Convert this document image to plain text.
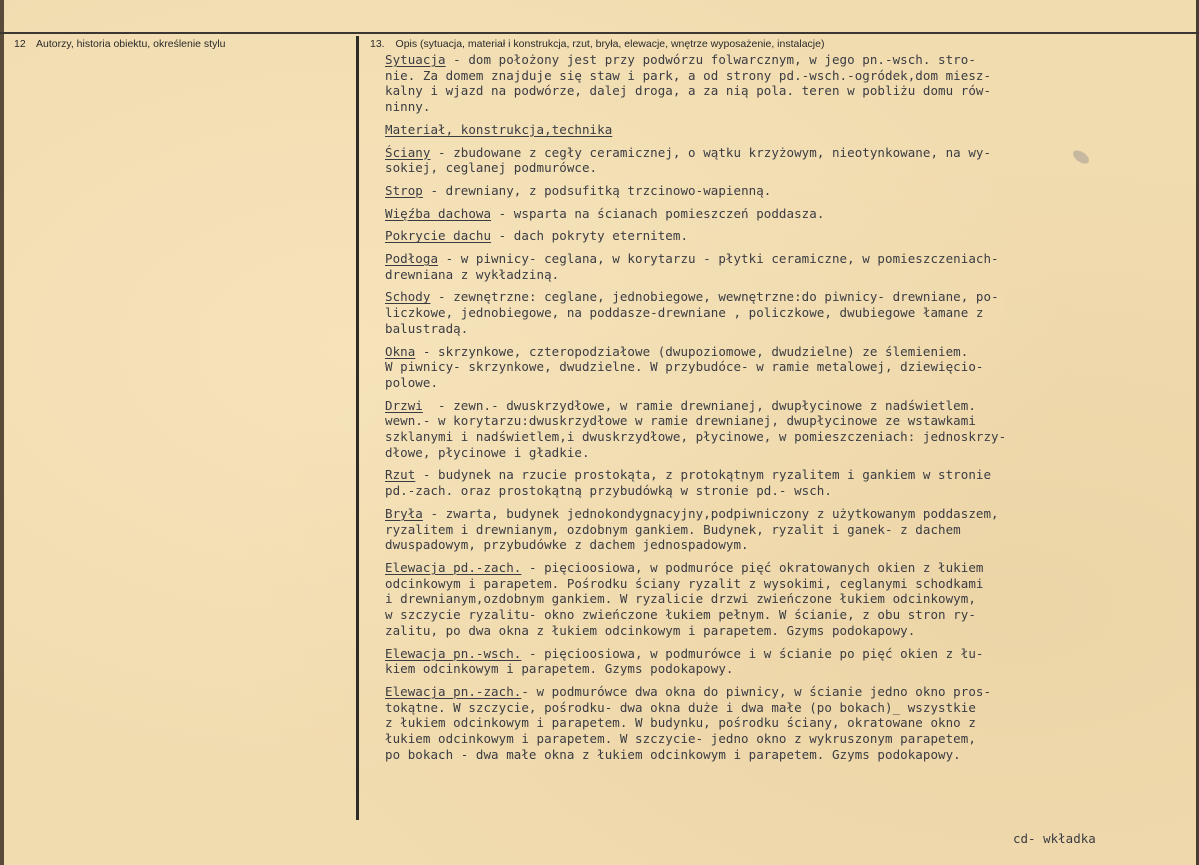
12 Autorzy, historia obiektu, określenie stylu	13. Opis (sytuacja, materiał i konstrukcja, rzut, bryła, elewacje, wnętrze wyposażenie, instalacje)
Sytuacja - dom położony jest przy podwórzu folwarcznym, w jego pn.-wsch. stro-
nie. Za domem znajduje się staw i park, a od strony pd.-wsch.-ogródek,dom miesz-
kalny i wjazd na podwórze, dalej droga, a za nią pola. teren w pobliżu domu rów-
ninny.
Materiał, konstrukcja,technika
Ściany - zbudowane z cegły ceramicznej, o wątku krzyżowym, nieotynkowane, na wy-
sokiej, ceglanej podmurówce.
Strop - drewniany, z podsufitką trzcinowo-wapienną.
Więźba dachowa - wsparta na ścianach pomieszczeń poddasza.
Pokrycie dachu - dach pokryty eternitem.
Podłoga - w piwnicy- ceglana, w korytarzu - płytki ceramiczne, w pomieszczeniach-
drewniana z wykładziną.
Schody - zewnętrzne: ceglane, jednobiegowe, wewnętrzne:do piwnicy- drewniane, po-
liczkowe, jednobiegowe, na poddasze-drewniane , policzkowe, dwubiegowe łamane z
balustradą.
Okna - skrzynkowe, czteropodziałowe (dwupoziomowe, dwudzielne) ze ślemieniem.
W piwnicy- skrzynkowe, dwudzielne. W przybudóce- w ramie metalowej, dziewięcio-
polowe.
Drzwi  - zewn.- dwuskrzydłowe, w ramie drewnianej, dwupłycinowe z nadświetlem.
wewn.- w korytarzu:dwuskrzydłowe w ramie drewnianej, dwupłycinowe ze wstawkami
szklanymi i nadświetlem,i dwuskrzydłowe, płycinowe, w pomieszczeniach: jednoskrzy-
dłowe, płycinowe i gładkie.
Rzut - budynek na rzucie prostokąta, z protokątnym ryzalitem i gankiem w stronie
pd.-zach. oraz prostokątną przybudówką w stronie pd.- wsch.
Bryła - zwarta, budynek jednokondygnacyjny,podpiwniczony z użytkowanym poddaszem,
ryzalitem i drewnianym, ozdobnym gankiem. Budynek, ryzalit i ganek- z dachem
dwuspadowym, przybudówke z dachem jednospadowym.
Elewacja pd.-zach. - pięcioosiowa, w podmuróce pięć okratowanych okien z łukiem
odcinkowym i parapetem. Pośrodku ściany ryzalit z wysokimi, ceglanymi schodkami
i drewnianym,ozdobnym gankiem. W ryzalicie drzwi zwieńczone łukiem odcinkowym,
w szczycie ryzalitu- okno zwieńczone łukiem pełnym. W ścianie, z obu stron ry-
zalitu, po dwa okna z łukiem odcinkowym i parapetem. Gzyms podokapowy.
Elewacja pn.-wsch. - pięcioosiowa, w podmurówce i w ścianie po pięć okien z łu-
kiem odcinkowym i parapetem. Gzyms podokapowy.
Elewacja pn.-zach.- w podmurówce dwa okna do piwnicy, w ścianie jedno okno pros-
tokątne. W szczycie, pośrodku- dwa okna duże i dwa małe (po bokach)_ wszystkie
z łukiem odcinkowym i parapetem. W budynku, pośrodku ściany, okratowane okno z
łukiem odcinkowym i parapetem. W szczycie- jedno okno z wykruszonym parapetem,
po bokach - dwa małe okna z łukiem odcinkowym i parapetem. Gzyms podokapowy.
cd- wkładka
